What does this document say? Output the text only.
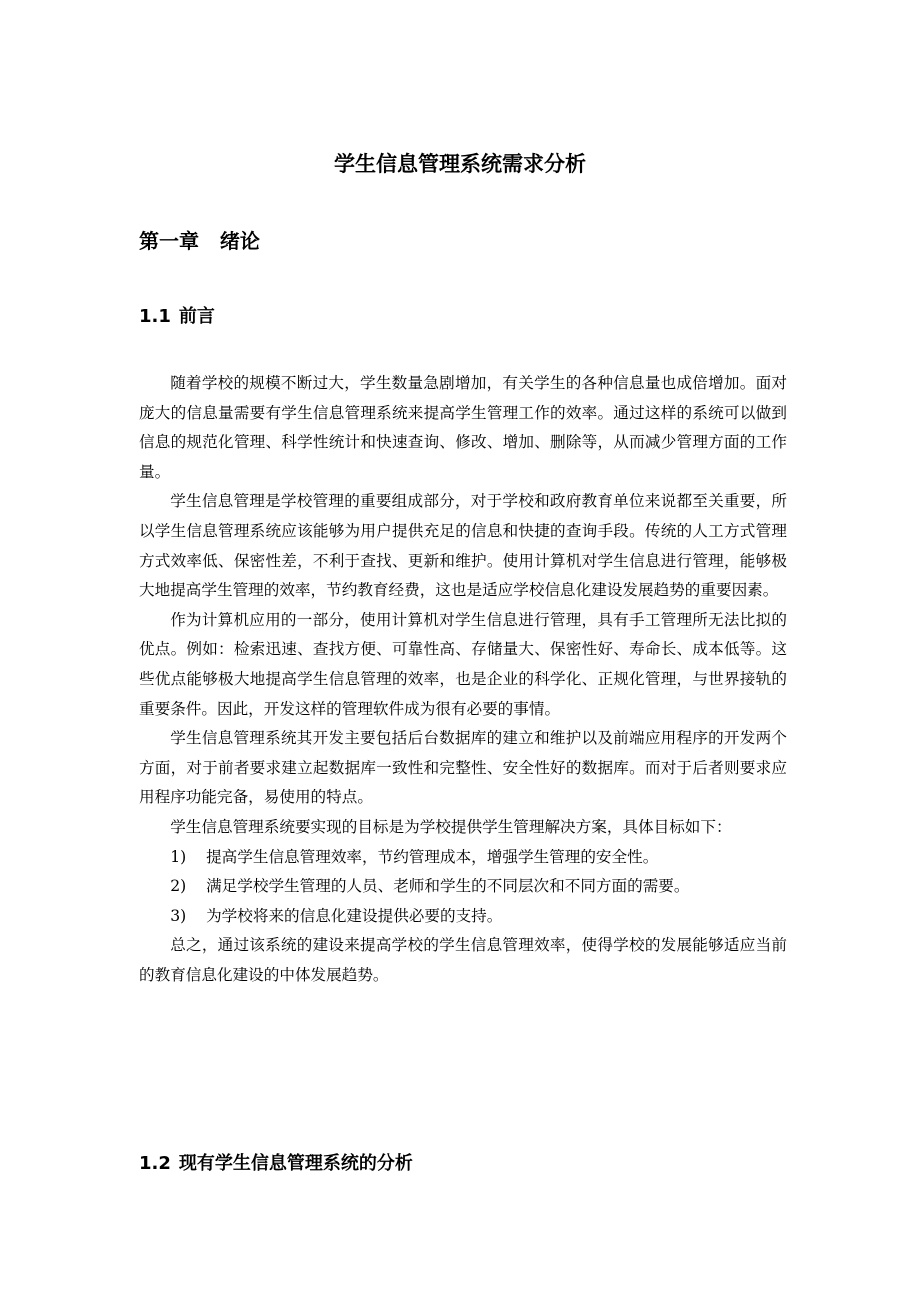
学生信息管理系统需求分析
第一章   绪论
1.1 前言

随着学校的规模不断过大，学生数量急剧增加，有关学生的各种信息量也成倍增加。面对庞大的信息量需要有学生信息管理系统来提高学生管理工作的效率。通过这样的系统可以做到信息的规范化管理、科学性统计和快速查询、修改、增加、删除等，从而减少管理方面的工作量。

学生信息管理是学校管理的重要组成部分，对于学校和政府教育单位来说都至关重要，所以学生信息管理系统应该能够为用户提供充足的信息和快捷的查询手段。传统的人工方式管理方式效率低、保密性差，不利于查找、更新和维护。使用计算机对学生信息进行管理，能够极大地提高学生管理的效率，节约教育经费，这也是适应学校信息化建设发展趋势的重要因素。

作为计算机应用的一部分，使用计算机对学生信息进行管理，具有手工管理所无法比拟的优点。例如：检索迅速、查找方便、可靠性高、存储量大、保密性好、寿命长、成本低等。这些优点能够极大地提高学生信息管理的效率，也是企业的科学化、正规化管理，与世界接轨的重要条件。因此，开发这样的管理软件成为很有必要的事情。

学生信息管理系统其开发主要包括后台数据库的建立和维护以及前端应用程序的开发两个方面，对于前者要求建立起数据库一致性和完整性、安全性好的数据库。而对于后者则要求应用程序功能完备，易使用的特点。

学生信息管理系统要实现的目标是为学校提供学生管理解决方案，具体目标如下：

1) 提高学生信息管理效率，节约管理成本，增强学生管理的安全性。

2) 满足学校学生管理的人员、老师和学生的不同层次和不同方面的需要。

3) 为学校将来的信息化建设提供必要的支持。

总之，通过该系统的建设来提高学校的学生信息管理效率，使得学校的发展能够适应当前的教育信息化建设的中体发展趋势。

1.2 现有学生信息管理系统的分析
